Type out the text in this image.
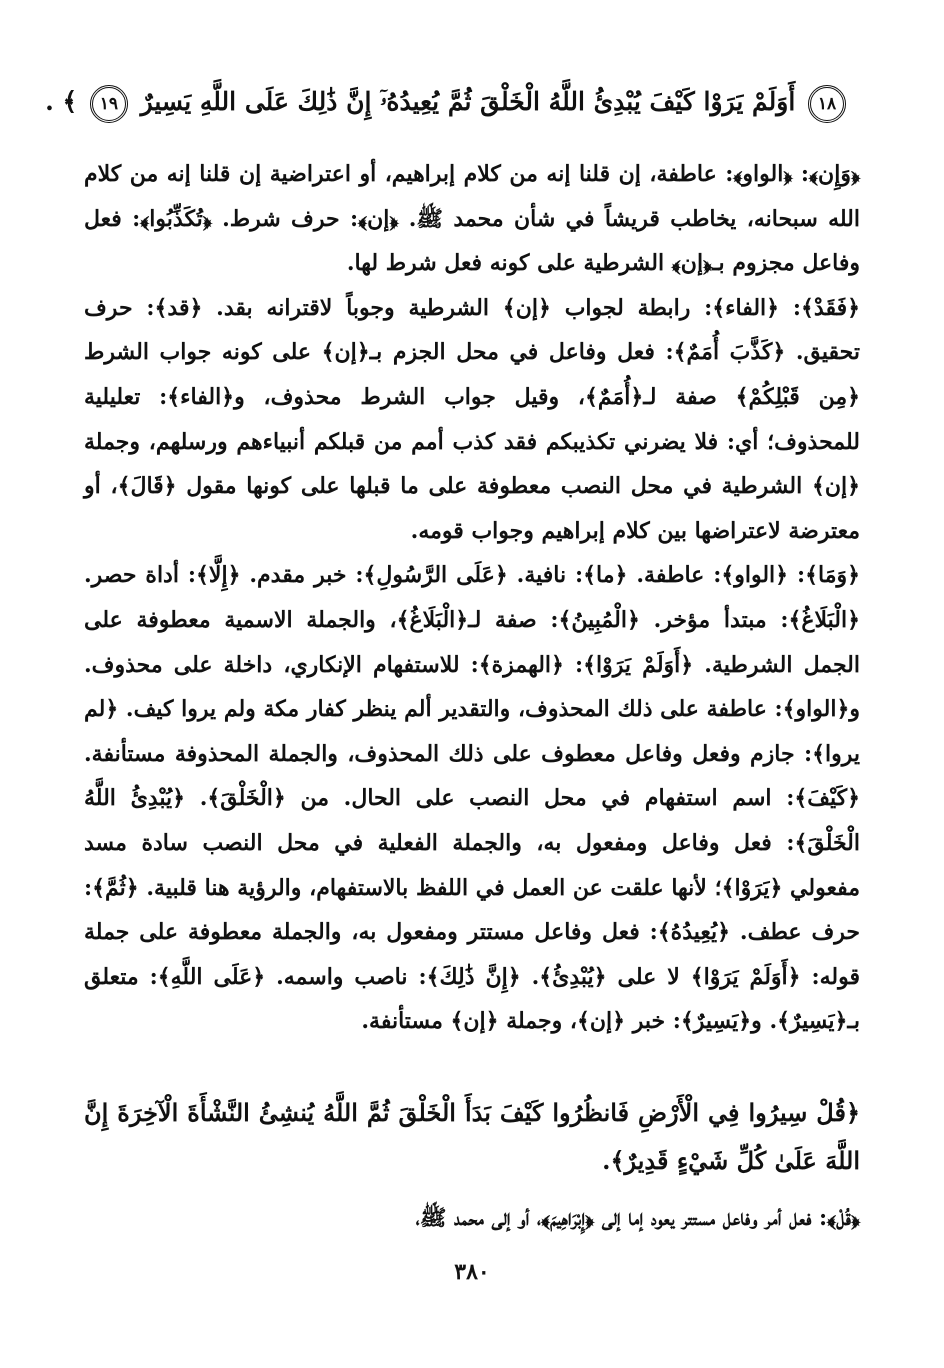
١٨ أَوَلَمْ يَرَوْا كَيْفَ يُبْدِئُ اللَّهُ الْخَلْقَ ثُمَّ يُعِيدُهُۥٓ إِنَّ ذَٰلِكَ عَلَى اللَّهِ يَسِيرٌ ١٩ ﴾ .

﴿وَإِن﴾: ﴿الواو﴾: عاطفة، إن قلنا إنه من كلام إبراهيم، أو اعتراضية إن قلنا إنه من كلام الله سبحانه، يخاطب قريشاً في شأن محمد ﷺ. ﴿إن﴾: حرف شرط. ﴿تُكَذِّبُوا﴾: فعل وفاعل مجزوم بـ﴿إن﴾ الشرطية على كونه فعل شرط لها.

﴿فَقَدْ﴾: ﴿الفاء﴾: رابطة لجواب ﴿إن﴾ الشرطية وجوباً لاقترانه بقد. ﴿قد﴾: حرف تحقيق. ﴿كَذَّبَ أُمَمٌ﴾: فعل وفاعل في محل الجزم بـ﴿إن﴾ على كونه جواب الشرط ﴿مِن قَبْلِكُمْ﴾ صفة لـ﴿أُمَمٌ﴾، وقيل جواب الشرط محذوف، و﴿الفاء﴾: تعليلية للمحذوف؛ أي: فلا يضرني تكذيبكم فقد كذب أمم من قبلكم أنبياءهم ورسلهم، وجملة ﴿إن﴾ الشرطية في محل النصب معطوفة على ما قبلها على كونها مقول ﴿قَالَ﴾، أو معترضة لاعتراضها بين كلام إبراهيم وجواب قومه.

﴿وَمَا﴾: ﴿الواو﴾: عاطفة. ﴿ما﴾: نافية. ﴿عَلَى الرَّسُولِ﴾: خبر مقدم. ﴿إِلَّا﴾: أداة حصر. ﴿الْبَلَاغُ﴾: مبتدأ مؤخر. ﴿الْمُبِينُ﴾: صفة لـ﴿الْبَلَاغُ﴾، والجملة الاسمية معطوفة على الجمل الشرطية. ﴿أَوَلَمْ يَرَوْا﴾: ﴿الهمزة﴾: للاستفهام الإنكاري، داخلة على محذوف. و﴿الواو﴾: عاطفة على ذلك المحذوف، والتقدير ألم ينظر كفار مكة ولم يروا كيف. ﴿لم يروا﴾: جازم وفعل وفاعل معطوف على ذلك المحذوف، والجملة المحذوفة مستأنفة. ﴿كَيْفَ﴾: اسم استفهام في محل النصب على الحال. من ﴿الْخَلْقَ﴾. ﴿يُبْدِئُ اللَّهُ الْخَلْقَ﴾: فعل وفاعل ومفعول به، والجملة الفعلية في محل النصب سادة مسد مفعولي ﴿يَرَوْا﴾؛ لأنها علقت عن العمل في اللفظ بالاستفهام، والرؤية هنا قلبية. ﴿ثُمَّ﴾: حرف عطف. ﴿يُعِيدُهُ﴾: فعل وفاعل مستتر ومفعول به، والجملة معطوفة على جملة قوله: ﴿أَوَلَمْ يَرَوْا﴾ لا على ﴿يُبْدِئُ﴾. ﴿إِنَّ ذَٰلِكَ﴾: ناصب واسمه. ﴿عَلَى اللَّهِ﴾: متعلق بـ﴿يَسِيرٌ﴾. و﴿يَسِيرٌ﴾: خبر ﴿إن﴾، وجملة ﴿إن﴾ مستأنفة.

﴿قُلْ سِيرُوا فِي الْأَرْضِ فَانظُرُوا كَيْفَ بَدَأَ الْخَلْقَ ثُمَّ اللَّهُ يُنشِئُ النَّشْأَةَ الْآخِرَةَ إِنَّ اللَّهَ عَلَىٰ كُلِّ شَيْءٍ قَدِيرٌ﴾.

﴿قُلْ﴾: فعل أمر وفاعل مستتر يعود إما إلى ﴿إِبْرَاهِيمَ﴾، أو إلى محمد ﷺ،

٣٨٠
